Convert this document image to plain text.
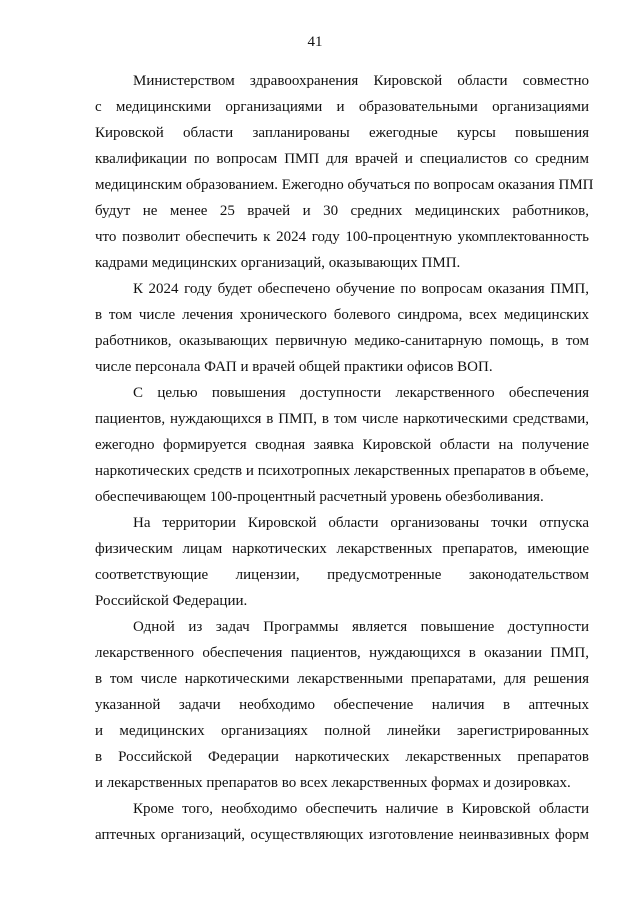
41
Министерством здравоохранения Кировской области совместно
с медицинскими организациями и образовательными организациями
Кировской области запланированы ежегодные курсы повышения
квалификации по вопросам ПМП для врачей и специалистов со средним
медицинским образованием. Ежегодно обучаться по вопросам оказания ПМП
будут не менее 25 врачей и 30 средних медицинских работников,
что позволит обеспечить к 2024 году 100-процентную укомплектованность
кадрами медицинских организаций, оказывающих ПМП.
К 2024 году будет обеспечено обучение по вопросам оказания ПМП,
в том числе лечения хронического болевого синдрома, всех медицинских
работников, оказывающих первичную медико-санитарную помощь, в том
числе персонала ФАП и врачей общей практики офисов ВОП.
С целью повышения доступности лекарственного обеспечения
пациентов, нуждающихся в ПМП, в том числе наркотическими средствами,
ежегодно формируется сводная заявка Кировской области на получение
наркотических средств и психотропных лекарственных препаратов в объеме,
обеспечивающем 100-процентный расчетный уровень обезболивания.
На территории Кировской области организованы точки отпуска
физическим лицам наркотических лекарственных препаратов, имеющие
соответствующие лицензии, предусмотренные законодательством
Российской Федерации.
Одной из задач Программы является повышение доступности
лекарственного обеспечения пациентов, нуждающихся в оказании ПМП,
в том числе наркотическими лекарственными препаратами, для решения
указанной задачи необходимо обеспечение наличия в аптечных
и медицинских организациях полной линейки зарегистрированных
в Российской Федерации наркотических лекарственных препаратов
и лекарственных препаратов во всех лекарственных формах и дозировках.
Кроме того, необходимо обеспечить наличие в Кировской области
аптечных организаций, осуществляющих изготовление неинвазивных форм
